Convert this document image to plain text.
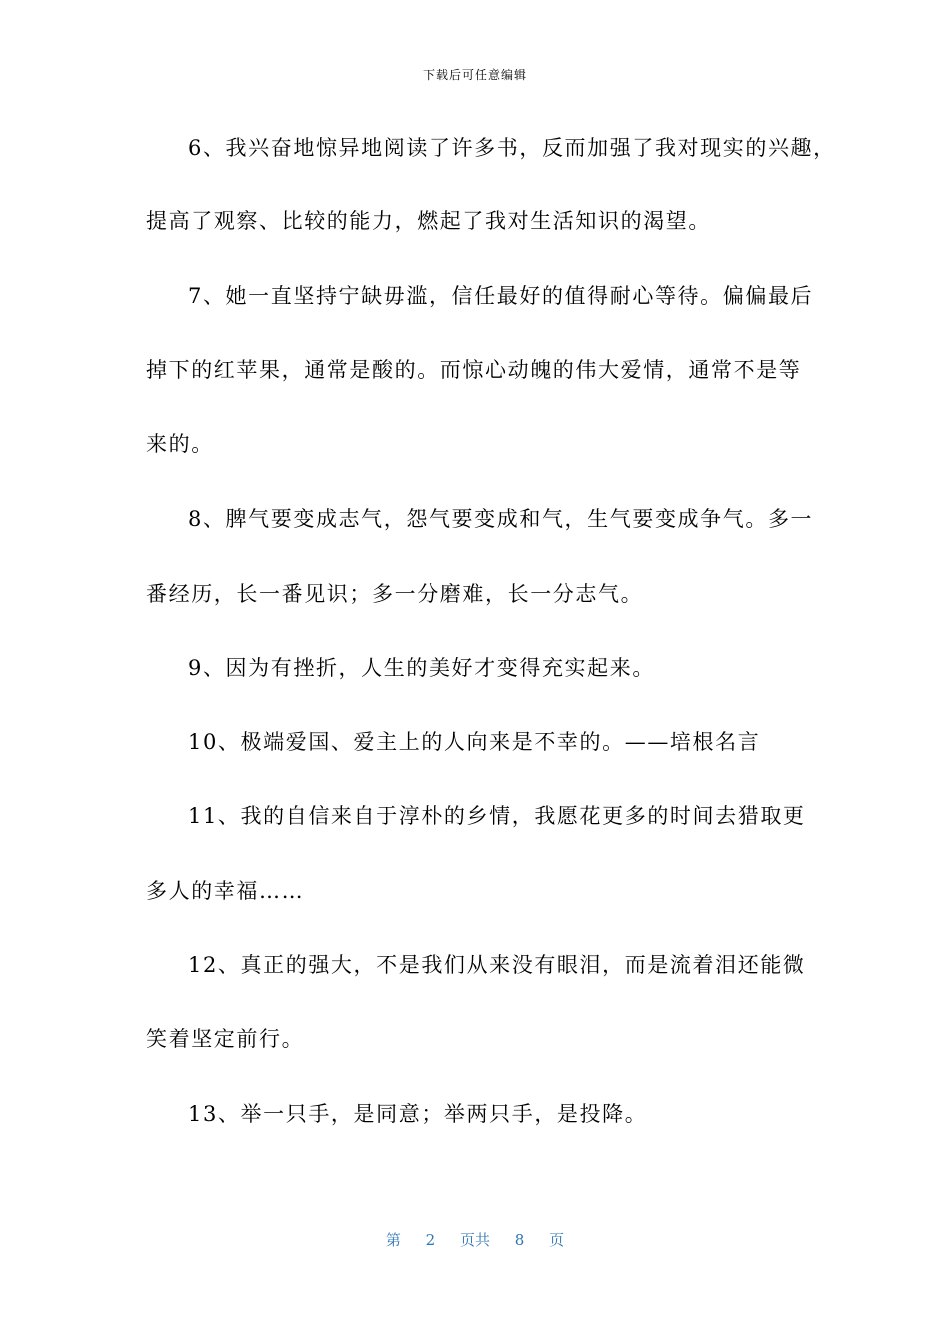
下载后可任意编辑
6、我兴奋地惊异地阅读了许多书，反而加强了我对现实的兴趣，
提高了观察、比较的能力，燃起了我对生活知识的渴望。
7、她一直坚持宁缺毋滥，信任最好的值得耐心等待。偏偏最后
掉下的红苹果，通常是酸的。而惊心动魄的伟大爱情，通常不是等
来的。
8、脾气要变成志气，怨气要变成和气，生气要变成争气。多一
番经历，长一番见识；多一分磨难，长一分志气。
9、因为有挫折，人生的美好才变得充实起来。
10、极端爱国、爱主上的人向来是不幸的。——培根名言
11、我的自信来自于淳朴的乡情，我愿花更多的时间去猎取更
多人的幸福……
12、真正的强大，不是我们从来没有眼泪，而是流着泪还能微
笑着坚定前行。
13、举一只手，是同意；举两只手，是投降。
第 2 页共 8 页
